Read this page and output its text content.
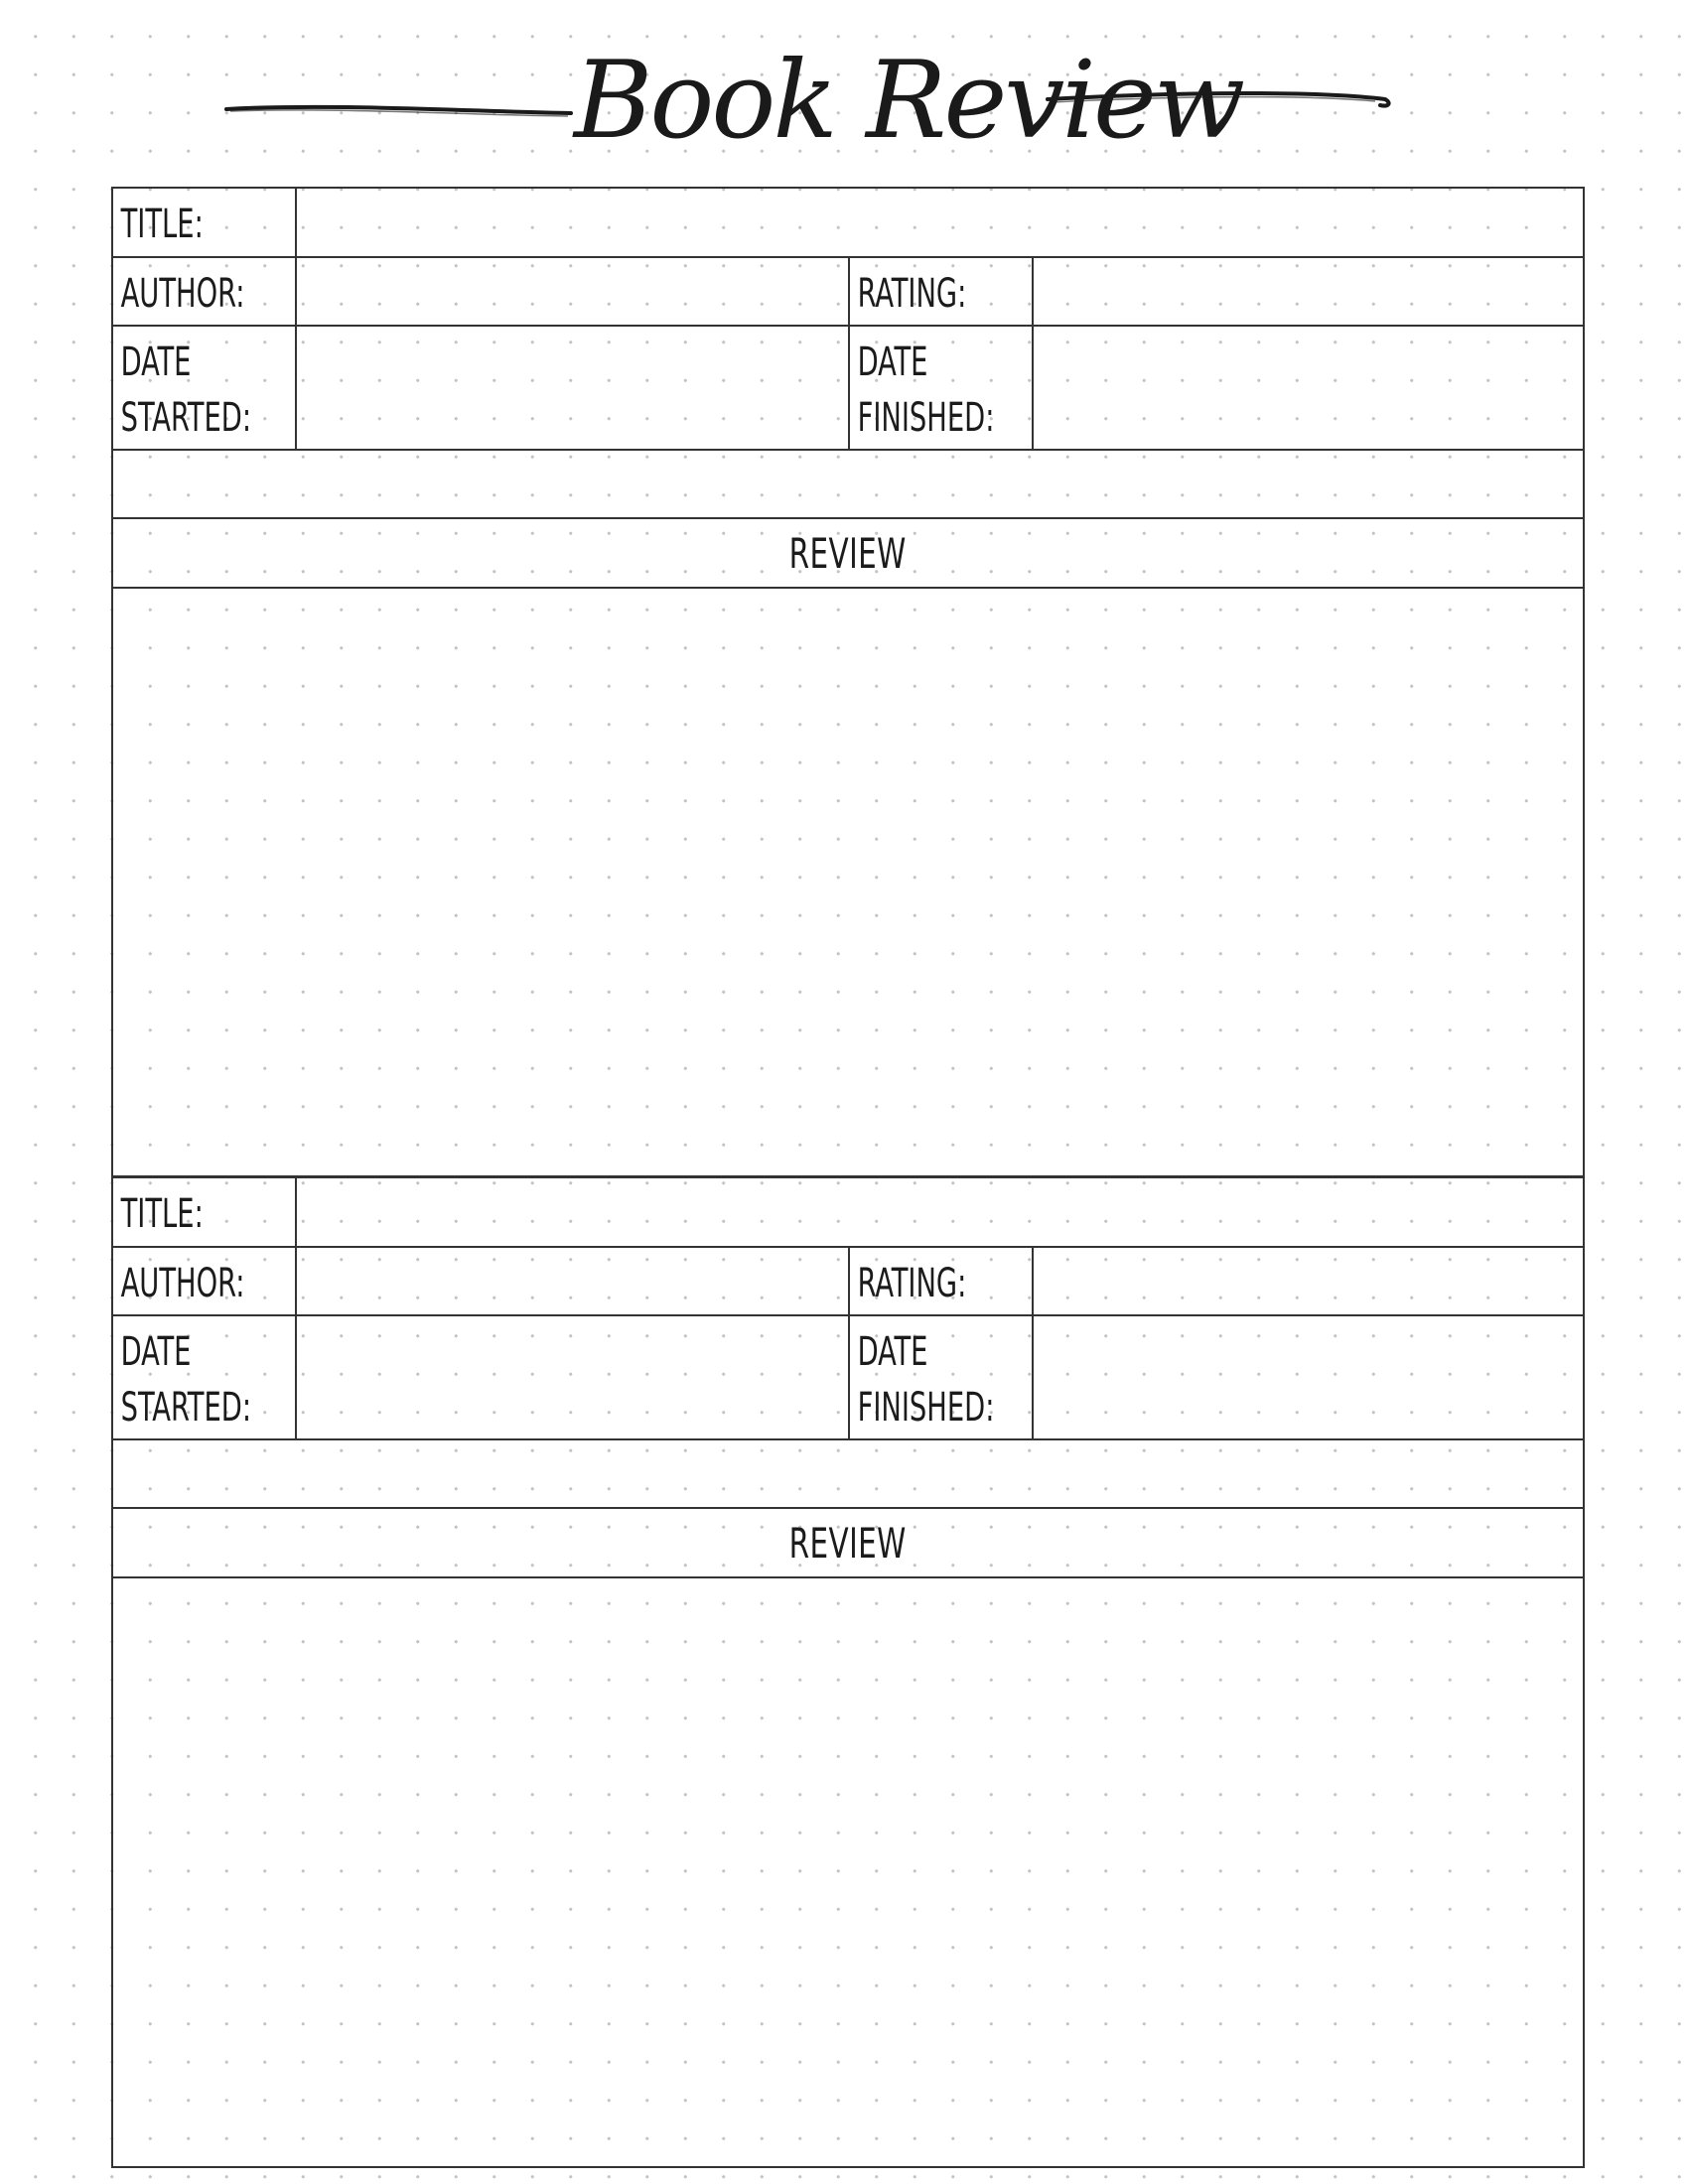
Book Review
TITLE:
AUTHOR:	RATING:
DATE
STARTED:
DATE
FINISHED:
REVIEW
TITLE:
AUTHOR:	RATING:
DATE
STARTED:
DATE
FINISHED:
REVIEW
